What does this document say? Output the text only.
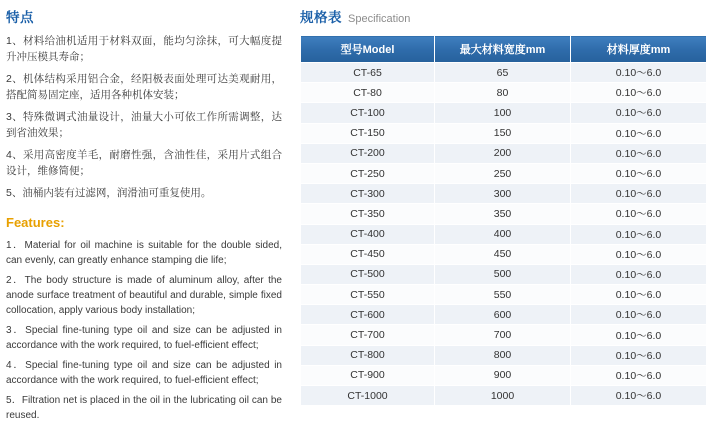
特点

1、材料给油机适用于材料双面，能均匀涂抹，可大幅度提升冲压模具寿命；

2、机体结构采用铝合金，经阳极表面处理可达美观耐用，搭配简易固定座，适用各种机体安装；

3、特殊微调式油量设计，油量大小可依工作所需调整，达到省油效果；

4、采用高密度羊毛，耐磨性强，含油性佳，采用片式组合设计，维修简便；

5、油桶内装有过滤网，润滑油可重复使用。

Features:

1．Material for oil machine is suitable for the double sided, can evenly, can greatly enhance stamping die life;

2．The body structure is made of aluminum alloy, after the anode surface treatment of beautiful and durable, simple fixed collocation, apply various body installation;

3．Special fine-tuning type oil and size can be adjusted in accordance with the work required, to fuel-efficient effect;

4．Special fine-tuning type oil and size can be adjusted in accordance with the work required, to fuel-efficient effect;

5．Filtration net is placed in the oil in the lubricating oil can be reused.

规格表 Specification
型号Model	最大材料宽度mm	材料厚度mm
CT-65	65	0.10～6.0
CT-80	80	0.10～6.0
CT-100	100	0.10～6.0
CT-150	150	0.10～6.0
CT-200	200	0.10～6.0
CT-250	250	0.10～6.0
CT-300	300	0.10～6.0
CT-350	350	0.10～6.0
CT-400	400	0.10～6.0
CT-450	450	0.10～6.0
CT-500	500	0.10～6.0
CT-550	550	0.10～6.0
CT-600	600	0.10～6.0
CT-700	700	0.10～6.0
CT-800	800	0.10～6.0
CT-900	900	0.10～6.0
CT-1000	1000	0.10～6.0
